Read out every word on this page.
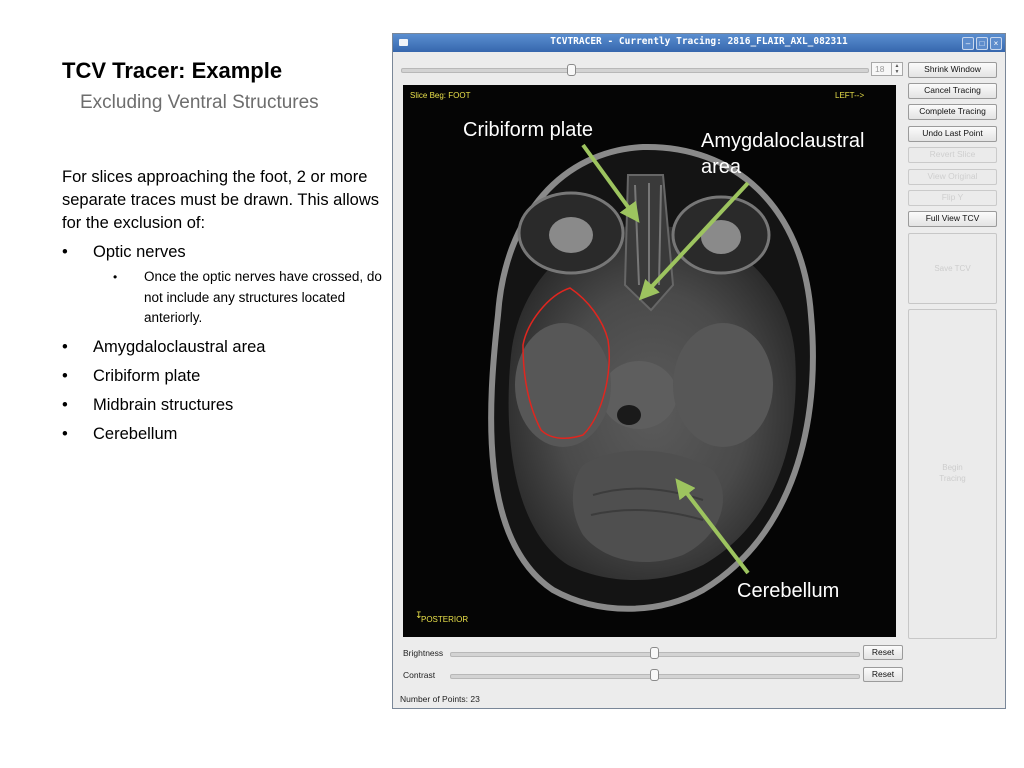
TCV Tracer: Example
Excluding Ventral Structures
For slices approaching the foot, 2 or more separate traces must be drawn. This allows for the exclusion of:
• Optic nerves
• Once the optic nerves have crossed, do not include any structures located anteriorly.
• Amygdaloclaustral area
• Cribiform plate
• Midbrain structures
• Cerebellum
TCVTRACER - Currently Tracing: 2816_FLAIR_AXL_082311	–	□	×
18	▲
▼	Shrink Window
Cancel Tracing
Complete Tracing
Undo Last Point
Revert Slice
View Original
Flip Y
Full View TCV
Save TCV
Begin Tracing
Slice Beg: FOOT	LEFT-->
↧
POSTERIOR
Cribiform plate	Amygdaloclaustral
area
Cerebellum
Brightness	Reset
Contrast	Reset
Number of Points: 23
